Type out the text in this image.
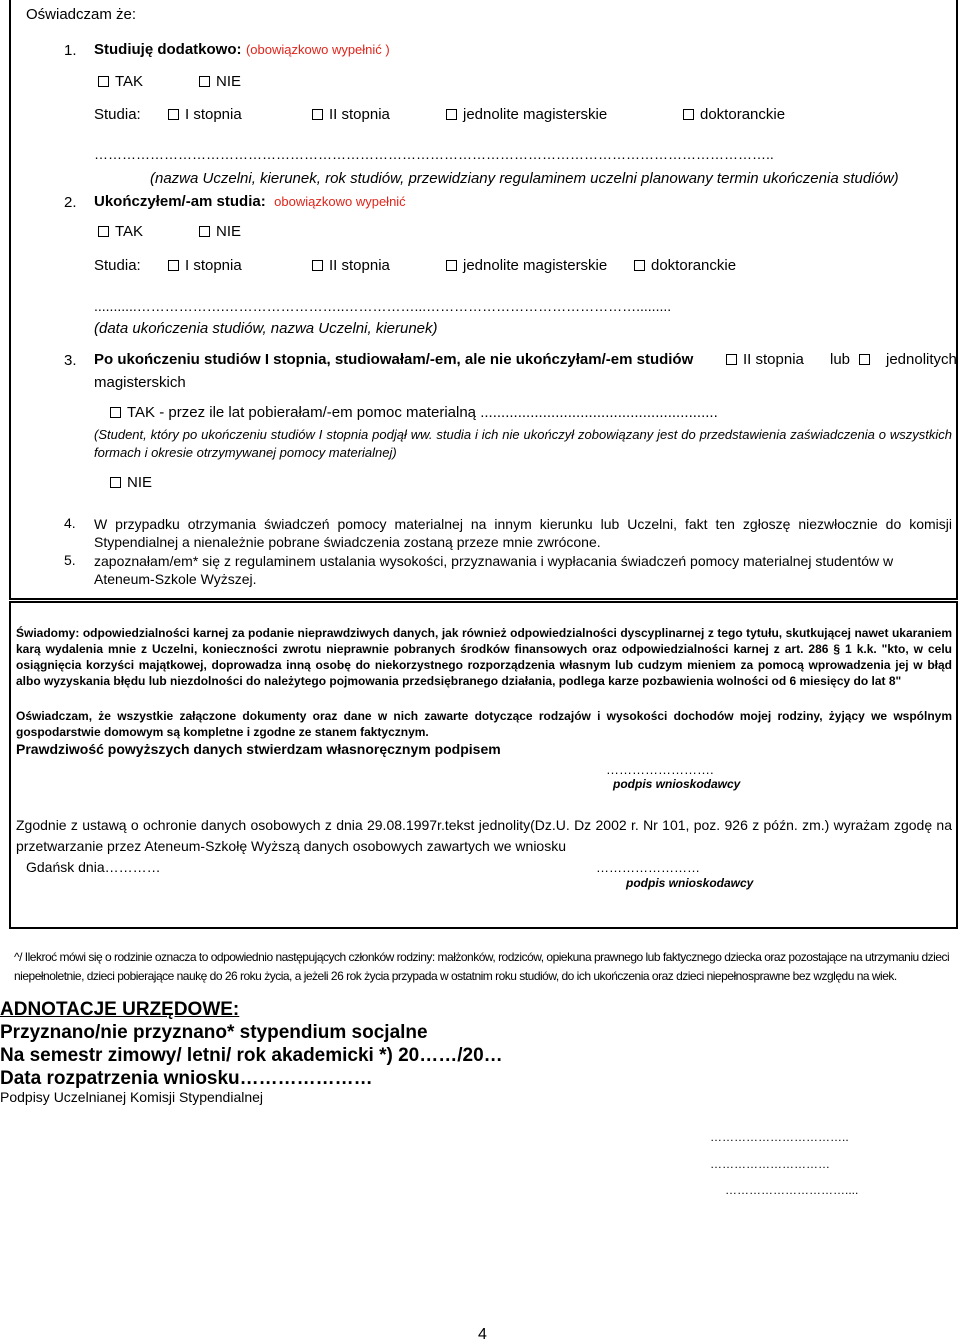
Oświadczam że:
1. Studiuję dodatkowo: (obowiązkowo wypełnić )
TAK	NIE
Studia:	I stopnia	II stopnia	jednolite magisterskie	doktoranckie
………………………………………………………………………………………………………………………………..
(nazwa Uczelni, kierunek, rok studiów, przewidziany regulaminem uczelni planowany termin ukończenia studiów)
2. Ukończyłem/-am studia: obowiązkowo wypełnić
TAK	NIE
Studia:	I stopnia	II stopnia	jednolite magisterskie	doktoranckie
...........……………….……………………..……………...……………………………………….........
(data ukończenia studiów, nazwa Uczelni, kierunek)
3. Po ukończeniu studiów I stopnia, studiowałam/-em, ale nie ukończyłam/-em studiów	II stopnia lub	jednolitych
magisterskich
TAK - przez ile lat pobierałam/-em pomoc materialną .........................................................
(Student, który po ukończeniu studiów I stopnia podjął ww. studia i ich nie ukończył zobowiązany jest do przedstawienia zaświadczenia o wszystkich formach i okresie otrzymywanej pomocy materialnej)
NIE
4. W przypadku otrzymania świadczeń pomocy materialnej na innym kierunku lub Uczelni, fakt ten zgłoszę niezwłocznie do komisji Stypendialnej a nienależnie pobrane świadczenia zostaną przeze mnie zwrócone.
5. zapoznałam/em* się z regulaminem ustalania wysokości, przyznawania i wypłacania świadczeń pomocy materialnej studentów w Ateneum-Szkole Wyższej.
Świadomy: odpowiedzialności karnej za podanie nieprawdziwych danych, jak również odpowiedzialności dyscyplinarnej z tego tytułu, skutkującej nawet ukaraniem karą wydalenia mnie z Uczelni, konieczności zwrotu nieprawnie pobranych środków finansowych oraz odpowiedzialności karnej z art. 286 § 1 k.k. "kto, w celu osiągnięcia korzyści majątkowej, doprowadza inną osobę do niekorzystnego rozporządzenia własnym lub cudzym mieniem za pomocą wprowadzenia jej w błąd albo wyzyskania błędu lub niezdolności do należytego pojmowania przedsiębranego działania, podlega karze pozbawienia wolności od 6 miesięcy do lat 8"
Oświadczam, że wszystkie załączone dokumenty oraz dane w nich zawarte dotyczące rodzajów i wysokości dochodów mojej rodziny, żyjący we wspólnym gospodarstwie domowym są kompletne i zgodne ze stanem faktycznym.
Prawdziwość powyższych danych stwierdzam własnoręcznym podpisem
…………………….
podpis wnioskodawcy
Zgodnie z ustawą o ochronie danych osobowych z dnia 29.08.1997r.tekst jednolity(Dz.U. Dz 2002 r. Nr 101, poz. 926 z późn. zm.) wyrażam zgodę na przetwarzanie przez Ateneum-Szkołę Wyższą danych osobowych zawartych we wniosku
Gdańsk dnia…………	……………………
podpis wnioskodawcy
^/ Ilekroć mówi się o rodzinie oznacza to odpowiednio następujących członków rodziny: małżonków, rodziców, opiekuna prawnego lub faktycznego dziecka oraz pozostające na utrzymaniu dzieci niepełnoletnie, dzieci pobierające naukę do 26 roku życia, a jeżeli 26 rok życia przypada w ostatnim roku studiów, do ich ukończenia oraz dzieci niepełnosprawne bez względu na wiek.
ADNOTACJE URZĘDOWE:
Przyznano/nie przyznano* stypendium socjalne
Na semestr zimowy/ letni/ rok akademicki *) 20……/20…
Data rozpatrzenia wniosku…………………
Podpisy Uczelnianej Komisji Stypendialnej
……………………………..
…………………………
…………………………....
4
